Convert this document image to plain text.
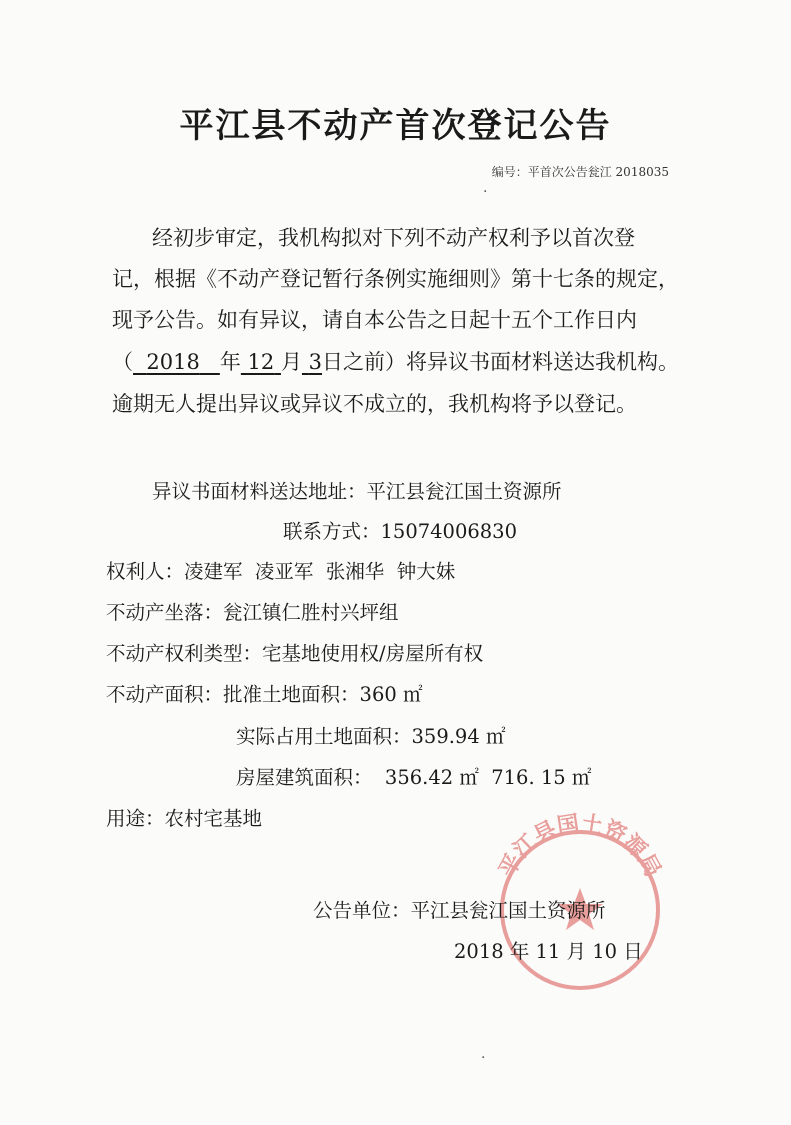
平江县不动产首次登记公告
编号：平首次公告瓮江 2018035
.
经初步审定，我机构拟对下列不动产权利予以首次登
记，根据《不动产登记暂行条例实施细则》第十七条的规定，
现予公告。如有异议，请自本公告之日起十五个工作日内
（ 2018 年 12 月 3日之前）将异议书面材料送达我机构。
逾期无人提出异议或异议不成立的，我机构将予以登记。
异议书面材料送达地址：平江县瓮江国土资源所
联系方式：15074006830
权利人：凌建军  凌亚军  张湘华  钟大妹
不动产坐落：瓮江镇仁胜村兴坪组
不动产权利类型：宅基地使用权/房屋所有权
不动产面积：批准土地面积：360 ㎡
实际占用土地面积：359.94 ㎡
房屋建筑面积： 356.42 ㎡  716. 15 ㎡
用途：农村宅基地
平江县国土资源局
公告单位：平江县瓮江国土资源所
2018 年 11 月 10 日
.
